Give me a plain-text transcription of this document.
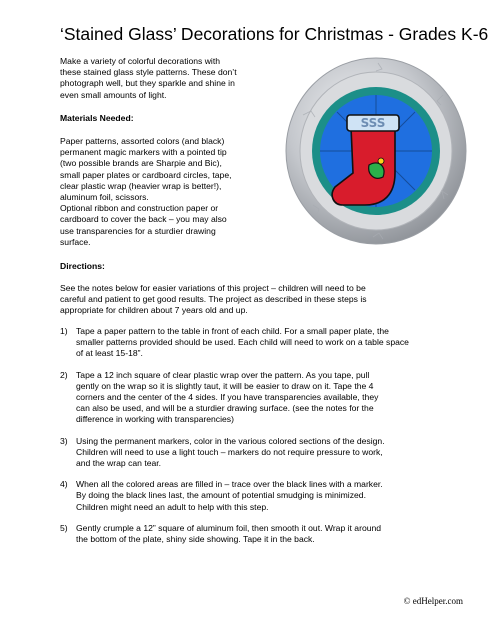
‘Stained Glass’ Decorations for Christmas - Grades K-6
Make a variety of colorful decorations with
these stained glass style patterns. These don’t
photograph well, but they sparkle and shine in
even small amounts of light.
Materials Needed:
Paper patterns, assorted colors (and black)
permanent magic markers with a pointed tip
(two possible brands are Sharpie and Bic),
small paper plates or cardboard circles, tape,
clear plastic wrap (heavier wrap is better!),
aluminum foil, scissors.
Optional ribbon and construction paper or
cardboard to cover the back – you may also
use transparencies for a sturdier drawing
surface.
Directions:
See the notes below for easier variations of this project – children will need to be
careful and patient to get good results. The project as described in these steps is
appropriate for children about 7 years old and up.
1) Tape a paper pattern to the table in front of each child. For a small paper plate, the
smaller patterns provided should be used. Each child will need to work on a table space
of at least 15-18”.
2) Tape a 12 inch square of clear plastic wrap over the pattern. As you tape, pull
gently on the wrap so it is slightly taut, it will be easier to draw on it. Tape the 4
corners and the center of the 4 sides. If you have transparencies available, they
can also be used, and will be a sturdier drawing surface. (see the notes for the
difference in working with transparencies)
3) Using the permanent markers, color in the various colored sections of the design.
Children will need to use a light touch – markers do not require pressure to work,
and the wrap can tear.
4) When all the colored areas are filled in – trace over the black lines with a marker.
By doing the black lines last, the amount of potential smudging is minimized.
Children might need an adult to help with this step.
5) Gently crumple a 12” square of aluminum foil, then smooth it out. Wrap it around
the bottom of the plate, shiny side showing. Tape it in the back.
© edHelper.com
SSS
